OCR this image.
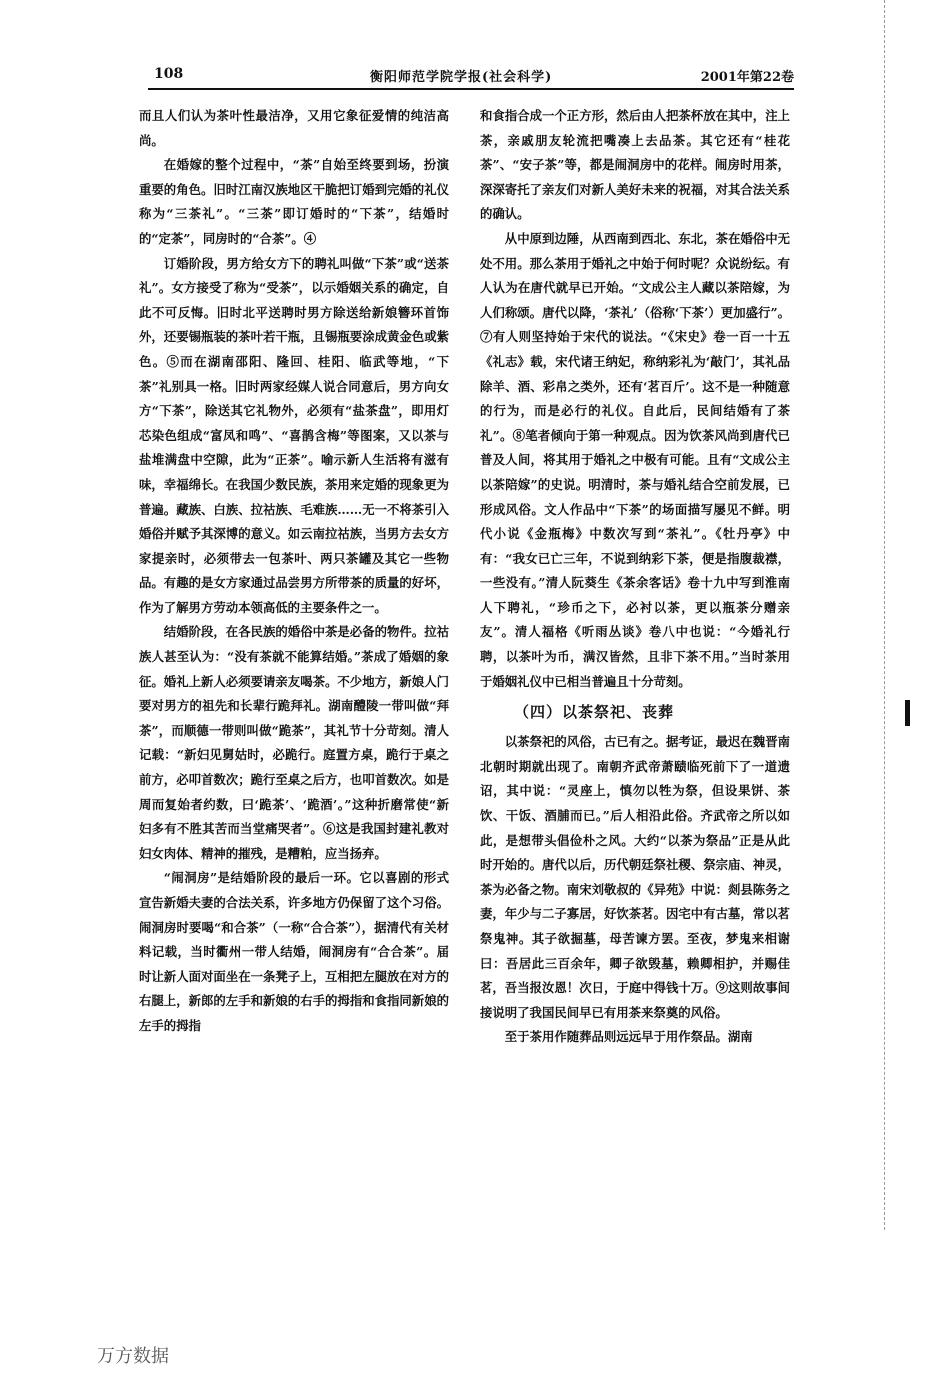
108	衡阳师范学院学报(社会科学)	2001年第22卷

而且人们认为茶叶性最洁净，又用它象征爱情的纯洁高尚。

在婚嫁的整个过程中，“茶”自始至终要到场，扮演重要的角色。旧时江南汉族地区干脆把订婚到完婚的礼仪称为“三茶礼”。“三茶”即订婚时的“下茶”，结婚时的“定茶”，同房时的“合茶”。④

订婚阶段，男方给女方下的聘礼叫做“下茶”或“送茶礼”。女方接受了称为“受茶”，以示婚姻关系的确定，自此不可反悔。旧时北平送聘时男方除送给新娘簪环首饰外，还要锡瓶装的茶叶若干瓶，且锡瓶要涂成黄金色或紫色。⑤而在湖南邵阳、隆回、桂阳、临武等地，“下茶”礼别具一格。旧时两家经媒人说合同意后，男方向女方“下茶”，除送其它礼物外，必须有“盐茶盘”，即用灯芯染色组成“富凤和鸣”、“喜鹊含梅”等图案，又以茶与盐堆满盘中空隙，此为“正茶”。喻示新人生活将有滋有味，幸福绵长。在我国少数民族，茶用来定婚的现象更为普遍。藏族、白族、拉祜族、毛难族……无一不将茶引入婚俗并赋予其深博的意义。如云南拉祜族，当男方去女方家提亲时，必须带去一包茶叶、两只茶罐及其它一些物品。有趣的是女方家通过品尝男方所带茶的质量的好坏，作为了解男方劳动本领高低的主要条件之一。

结婚阶段，在各民族的婚俗中茶是必备的物件。拉祜族人甚至认为：“没有茶就不能算结婚。”茶成了婚姻的象征。婚礼上新人必须要请亲友喝茶。不少地方，新娘人门要对男方的祖先和长辈行跪拜礼。湖南醴陵一带叫做“拜茶”，而顺德一带则叫做“跪茶”，其礼节十分苛刻。清人记载：“新妇见舅姑时，必跪行。庭置方桌，跪行于桌之前方，必叩首数次；跪行至桌之后方，也叩首数次。如是周而复始者约数，曰‘跪茶’、‘跪酒’。”这种折磨常使“新妇多有不胜其苦而当堂痛哭者”。⑥这是我国封建礼教对妇女肉体、精神的摧残，是糟粕，应当扬弃。

“闹洞房”是结婚阶段的最后一环。它以喜剧的形式宣告新婚夫妻的合法关系，许多地方仍保留了这个习俗。闹洞房时要喝“和合茶”（一称“合合茶”），据清代有关材料记载，当时衢州一带人结婚，闹洞房有“合合茶”。届时让新人面对面坐在一条凳子上，互相把左腿放在对方的右腿上，新郎的左手和新娘的右手的拇指和食指同新娘的左手的拇指

和食指合成一个正方形，然后由人把茶杯放在其中，注上茶，亲戚朋友轮流把嘴凑上去品茶。其它还有“桂花茶”、“安子茶”等，都是闹洞房中的花样。闹房时用茶，深深寄托了亲友们对新人美好未来的祝福，对其合法关系的确认。

从中原到边陲，从西南到西北、东北，茶在婚俗中无处不用。那么茶用于婚礼之中始于何时呢？众说纷纭。有人认为在唐代就早已开始。“文成公主人藏以茶陪嫁，为人们称颂。唐代以降，‘茶礼’（俗称‘下茶’）更加盛行”。⑦有人则坚持始于宋代的说法。“《宋史》卷一百一十五《礼志》载，宋代诸王纳妃，称纳彩礼为‘敲门’，其礼品除羊、酒、彩帛之类外，还有‘茗百斤’。这不是一种随意的行为，而是必行的礼仪。自此后，民间结婚有了茶礼”。⑧笔者倾向于第一种观点。因为饮茶风尚到唐代已普及人间，将其用于婚礼之中极有可能。且有“文成公主以茶陪嫁”的史说。明清时，茶与婚礼结合空前发展，已形成风俗。文人作品中“下茶”的场面描写屡见不鲜。明代小说《金瓶梅》中数次写到“茶礼”。《牡丹亭》中有：“我女已亡三年，不说到纳彩下茶，便是指腹裁襟，一些没有。”清人阮葵生《茶余客话》卷十九中写到淮南人下聘礼，“珍币之下，必衬以茶，更以瓶茶分赠亲友”。清人福格《听雨丛谈》卷八中也说：“今婚礼行聘，以茶叶为币，满汉皆然，且非下茶不用。”当时茶用于婚姻礼仪中已相当普遍且十分苛刻。

（四）以茶祭祀、丧葬

以茶祭祀的风俗，古已有之。据考证，最迟在魏晋南北朝时期就出现了。南朝齐武帝萧赜临死前下了一道遗诏，其中说：“灵座上，慎勿以牲为祭，但设果饼、茶饮、干饭、酒脯而已。”后人相沿此俗。齐武帝之所以如此，是想带头倡俭朴之风。大约“以茶为祭品”正是从此时开始的。唐代以后，历代朝廷祭社稷、祭宗庙、神灵，茶为必备之物。南宋刘敬叔的《异苑》中说：剡县陈务之妻，年少与二子寡居，好饮茶茗。因宅中有古墓，常以茗祭鬼神。其子欲掘墓，母苦谏方罢。至夜，梦鬼来相谢曰：吾居此三百余年，卿子欲毁墓，赖卿相护，并赐佳茗，吾当报汝恩！次日，于庭中得钱十万。⑨这则故事间接说明了我国民间早已有用茶来祭奠的风俗。

至于茶用作随葬品则远远早于用作祭品。湖南

万方数据
